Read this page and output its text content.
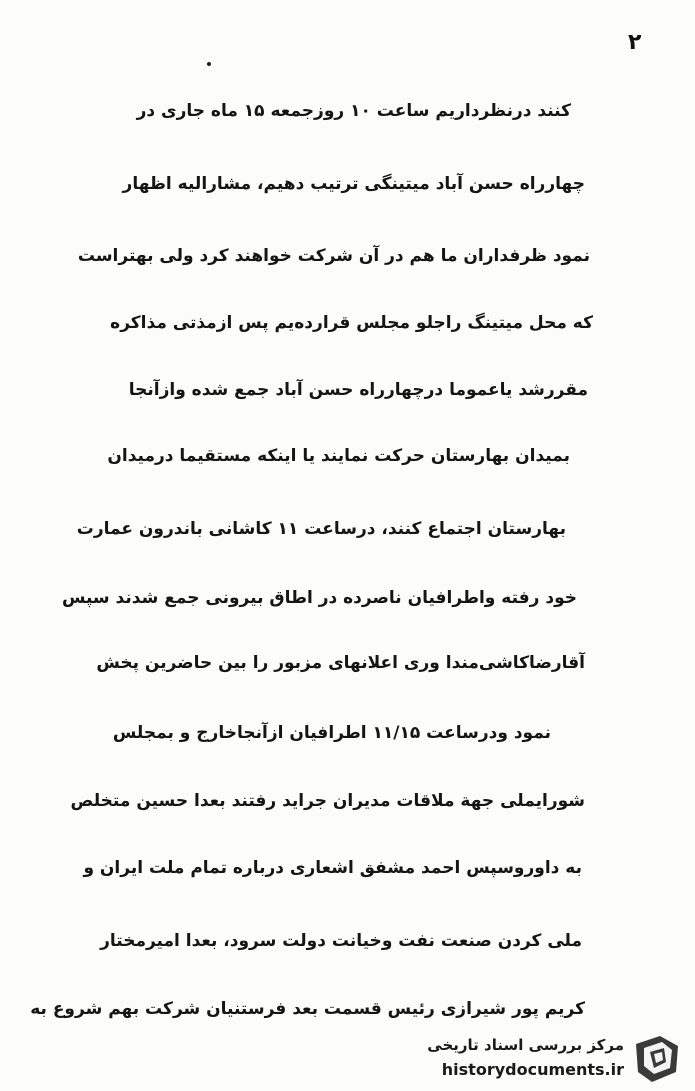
۲
کنند درنظرداریم ساعت ۱۰ روزجمعه ۱۵ ماه جاری در
چهارراه حسن آباد میتینگی ترتیب دهیم، مشارالیه اظهار
نمود ظرفداران ما هم در آن شرکت خواهند کرد ولی بهتراست
که محل میتینگ راجلو مجلس قرارده‌یم پس ازمذتی مذاکره
مقررشد یاعموما درچهارراه حسن آباد جمع شده وازآنجا
بمیدان بهارستان حرکت نمایند یا اینکه مستقیما درمیدان
بهارستان اجتماع کنند، درساعت ۱۱ کاشانی باندرون عمارت
خود رفته واطرافیان ناصرده در اطاق بیرونی جمع شدند سپس
آقارضاکاشی‌مندا وری اعلانهای مزبور را بین حاضرین پخش
نمود ودرساعت ۱۱/۱۵ اطرافیان ازآنجاخارج و بمجلس
شورایملی جهة ملاقات مدیران جراید رفتند بعدا حسین متخلص
به داوروسپس احمد مشفق اشعاری درباره تمام ملت ایران و
ملی کردن صنعت نفت وخیانت دولت سرود، بعدا امیرمختار
کریم پور شیرازی رئیس قسمت بعد فرستنیان شرکت بهم شروع به
مرکز بررسی اسناد تاریخی
historydocuments.ir
